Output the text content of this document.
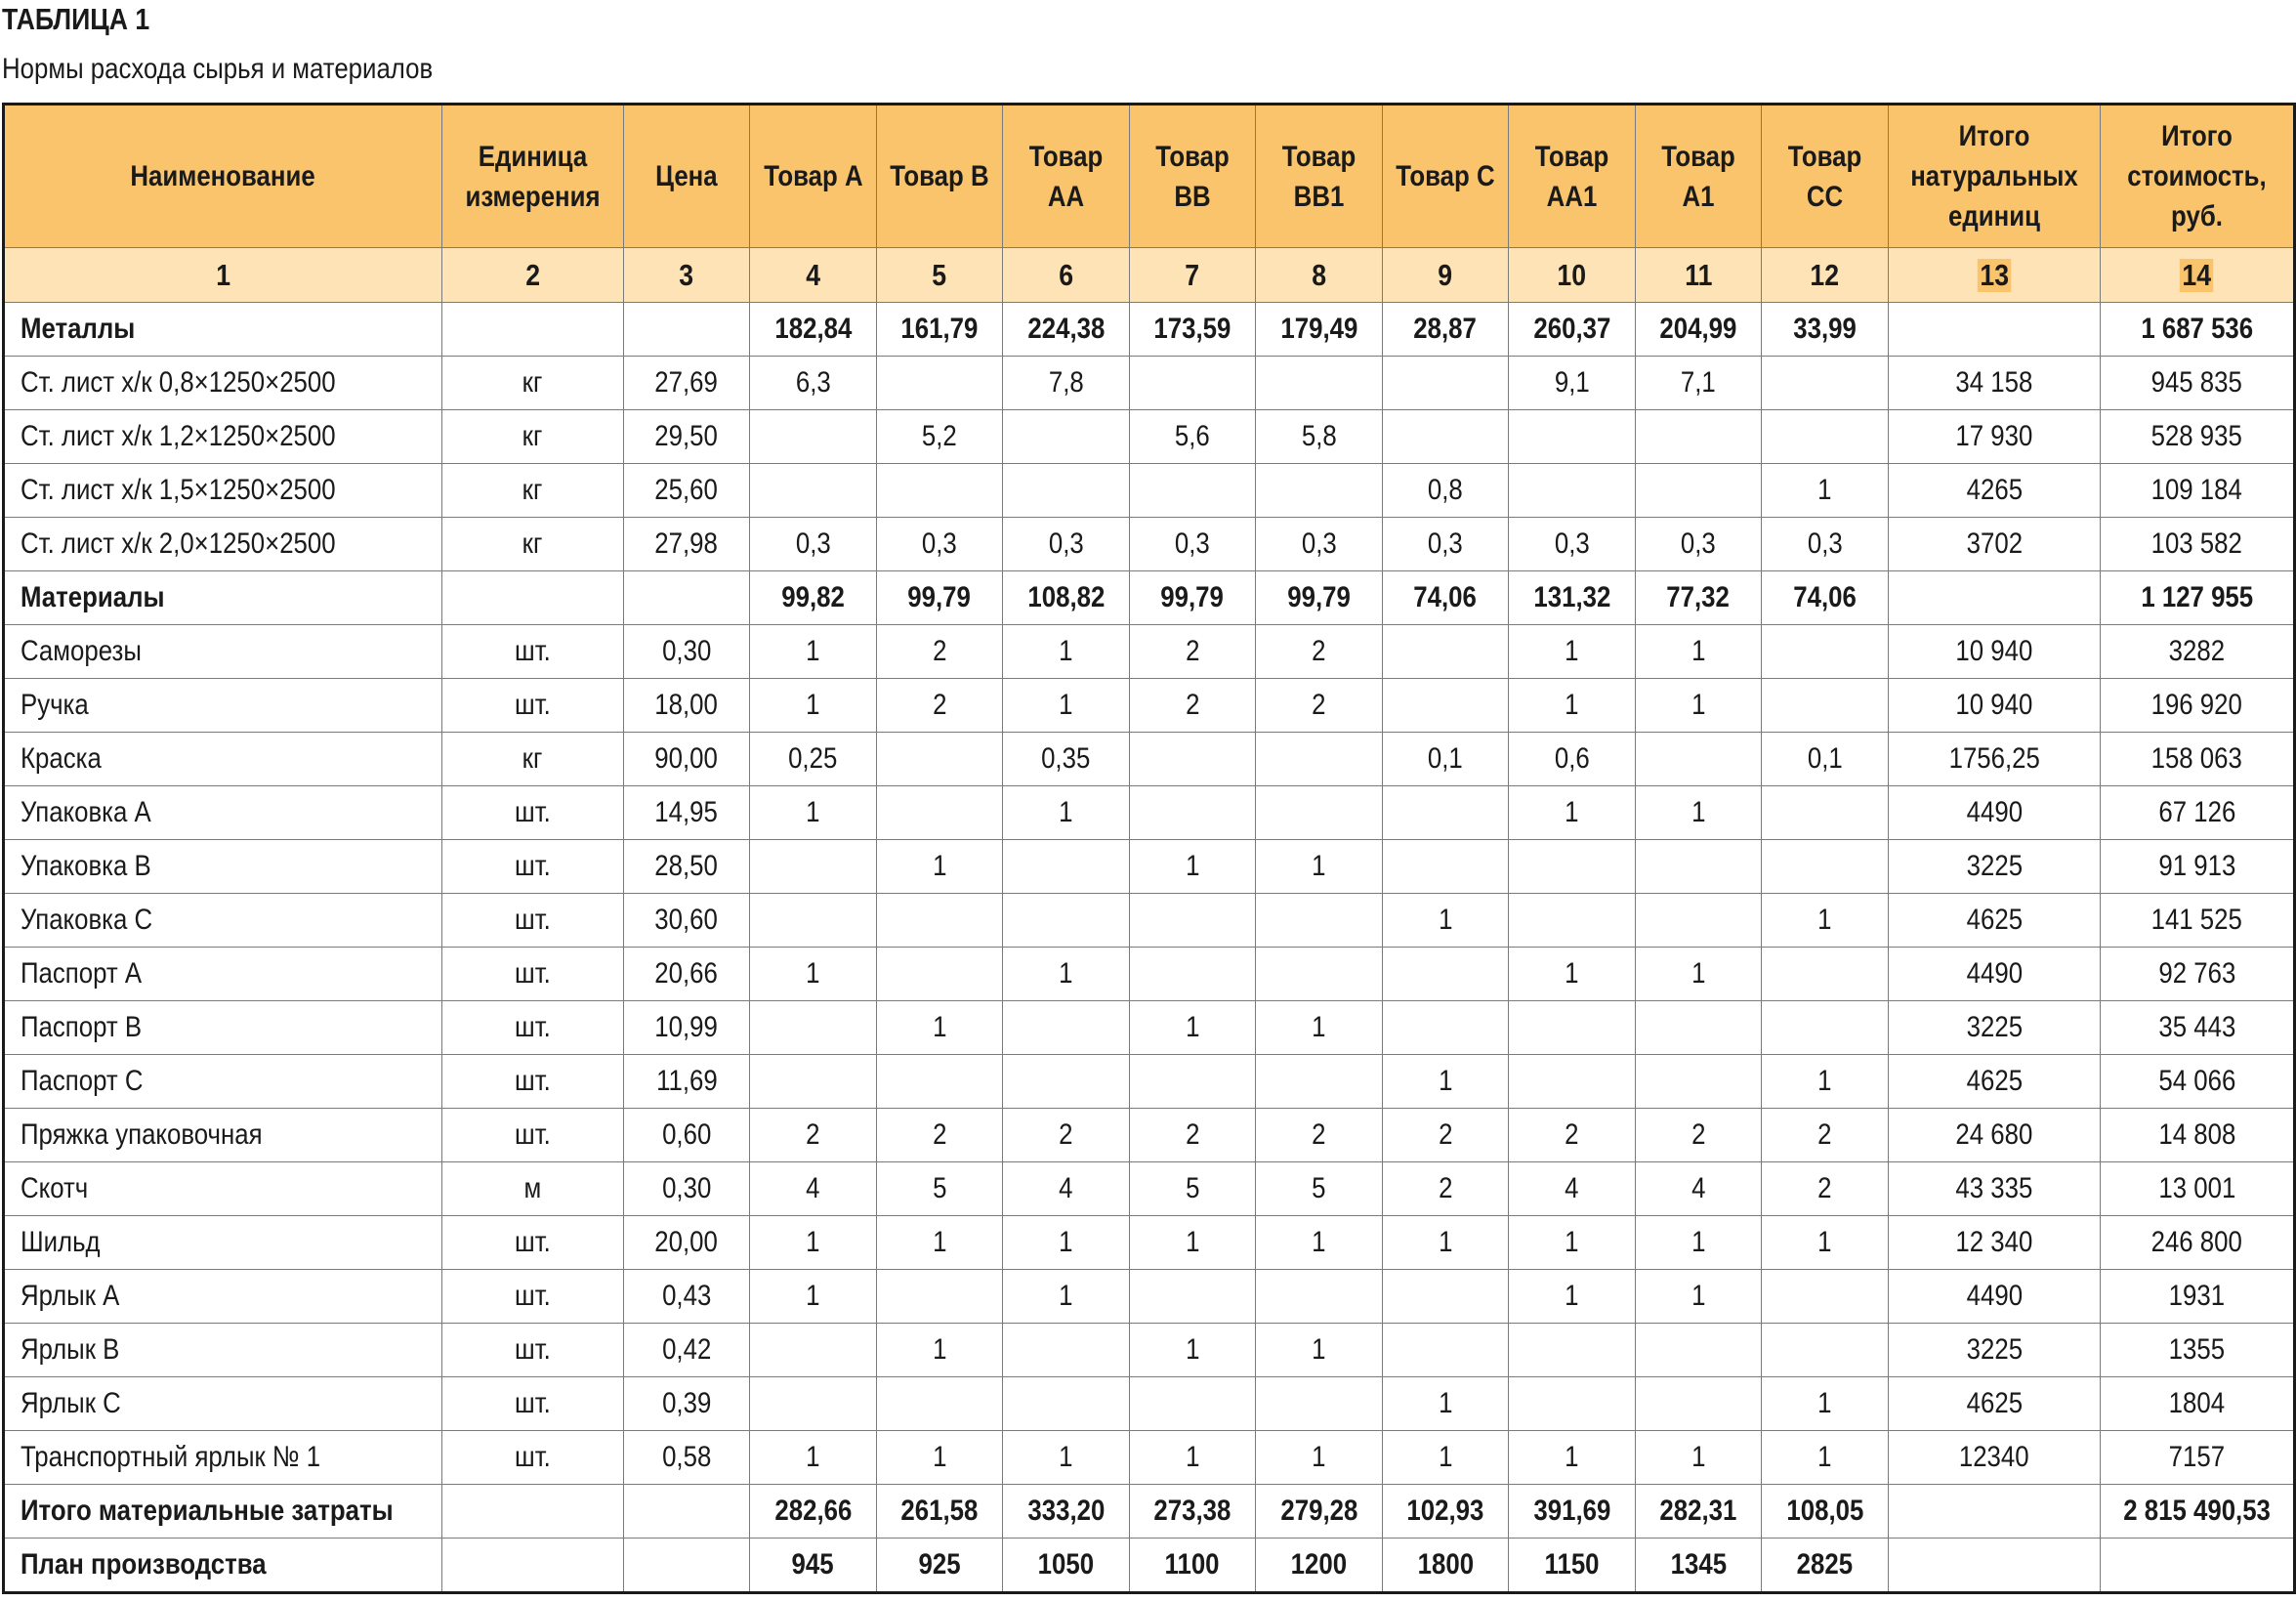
ТАБЛИЦА 1
Нормы расхода сырья и материалов
Наименование	Единица измерения	Цена	Товар А	Товар В	Товар АА	Товар ВВ	Товар ВВ1	Товар С	Товар АА1	Товар А1	Товар СС	Итого натуральных единиц	Итого стоимость, руб.
1	2	3	4	5	6	7	8	9	10	11	12	13	14
Металлы			182,84	161,79	224,38	173,59	179,49	28,87	260,37	204,99	33,99		1 687 536
Ст. лист х/к 0,8×1250×2500	кг	27,69	6,3		7,8				9,1	7,1		34 158	945 835
Ст. лист х/к 1,2×1250×2500	кг	29,50		5,2		5,6	5,8					17 930	528 935
Ст. лист х/к 1,5×1250×2500	кг	25,60						0,8			1	4265	109 184
Ст. лист х/к 2,0×1250×2500	кг	27,98	0,3	0,3	0,3	0,3	0,3	0,3	0,3	0,3	0,3	3702	103 582
Материалы			99,82	99,79	108,82	99,79	99,79	74,06	131,32	77,32	74,06		1 127 955
Саморезы	шт.	0,30	1	2	1	2	2		1	1		10 940	3282
Ручка	шт.	18,00	1	2	1	2	2		1	1		10 940	196 920
Краска	кг	90,00	0,25		0,35			0,1	0,6		0,1	1756,25	158 063
Упаковка А	шт.	14,95	1		1				1	1		4490	67 126
Упаковка В	шт.	28,50		1		1	1					3225	91 913
Упаковка С	шт.	30,60						1			1	4625	141 525
Паспорт А	шт.	20,66	1		1				1	1		4490	92 763
Паспорт В	шт.	10,99		1		1	1					3225	35 443
Паспорт С	шт.	11,69						1			1	4625	54 066
Пряжка упаковочная	шт.	0,60	2	2	2	2	2	2	2	2	2	24 680	14 808
Скотч	м	0,30	4	5	4	5	5	2	4	4	2	43 335	13 001
Шильд	шт.	20,00	1	1	1	1	1	1	1	1	1	12 340	246 800
Ярлык А	шт.	0,43	1		1				1	1		4490	1931
Ярлык В	шт.	0,42		1		1	1					3225	1355
Ярлык С	шт.	0,39						1			1	4625	1804
Транспортный ярлык № 1	шт.	0,58	1	1	1	1	1	1	1	1	1	12340	7157
Итого материальные затраты			282,66	261,58	333,20	273,38	279,28	102,93	391,69	282,31	108,05		2 815 490,53
План производства			945	925	1050	1100	1200	1800	1150	1345	2825		
